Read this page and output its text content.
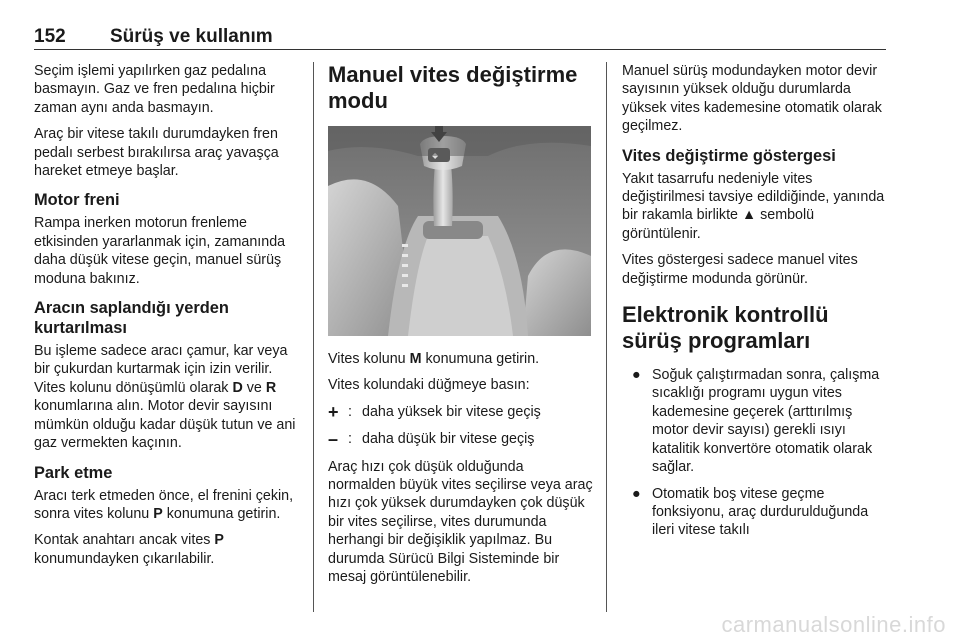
152 Sürüş ve kullanım

Seçim işlemi yapılırken gaz pedalına basmayın. Gaz ve fren pedalına hiçbir zaman aynı anda basmayın.

Araç bir vitese takılı durumdayken fren pedalı serbest bırakılırsa araç yavaşça hareket etmeye başlar.

Motor freni

Rampa inerken motorun frenleme etkisinden yararlanmak için, zamanında daha düşük vitese geçin, manuel sürüş moduna bakınız.

Aracın saplandığı yerden kurtarılması

Bu işleme sadece aracı çamur, kar veya bir çukurdan kurtarmak için izin verilir. Vites kolunu dönüşümlü olarak D ve R konumlarına alın. Motor devir sayısını mümkün olduğu kadar düşük tutun ve ani gaz vermekten kaçının.

Park etme

Aracı terk etmeden önce, el frenini çekin, sonra vites kolunu P konumuna getirin.

Kontak anahtarı ancak vites P konumundayken çıkarılabilir.

Manuel vites değiştirme modu

Vites kolunu M konumuna getirin.

Vites kolundaki düğmeye basın:

+ : daha yüksek bir vitese geçiş
– : daha düşük bir vitese geçiş

Araç hızı çok düşük olduğunda normalden büyük vites seçilirse veya araç hızı çok yüksek durumdayken çok düşük bir vites seçilirse, vites durumunda herhangi bir değişiklik yapılmaz. Bu durumda Sürücü Bilgi Sisteminde bir mesaj görüntülenebilir.

Manuel sürüş modundayken motor devir sayısının yüksek olduğu durumlarda yüksek vites kademesine otomatik olarak geçilmez.

Vites değiştirme göstergesi

Yakıt tasarrufu nedeniyle vites değiştirilmesi tavsiye edildiğinde, yanında bir rakamla birlikte ▲ sembolü görüntülenir.

Vites göstergesi sadece manuel vites değiştirme modunda görünür.

Elektronik kontrollü sürüş programları
● Soğuk çalıştırmadan sonra, çalışma sıcaklığı programı uygun vites kademesine geçerek (arttırılmış motor devir sayısı) gerekli ısıyı katalitik konvertöre otomatik olarak sağlar.
● Otomatik boş vitese geçme fonksiyonu, araç durdurulduğunda ileri vitese takılı
carmanualsonline.info
